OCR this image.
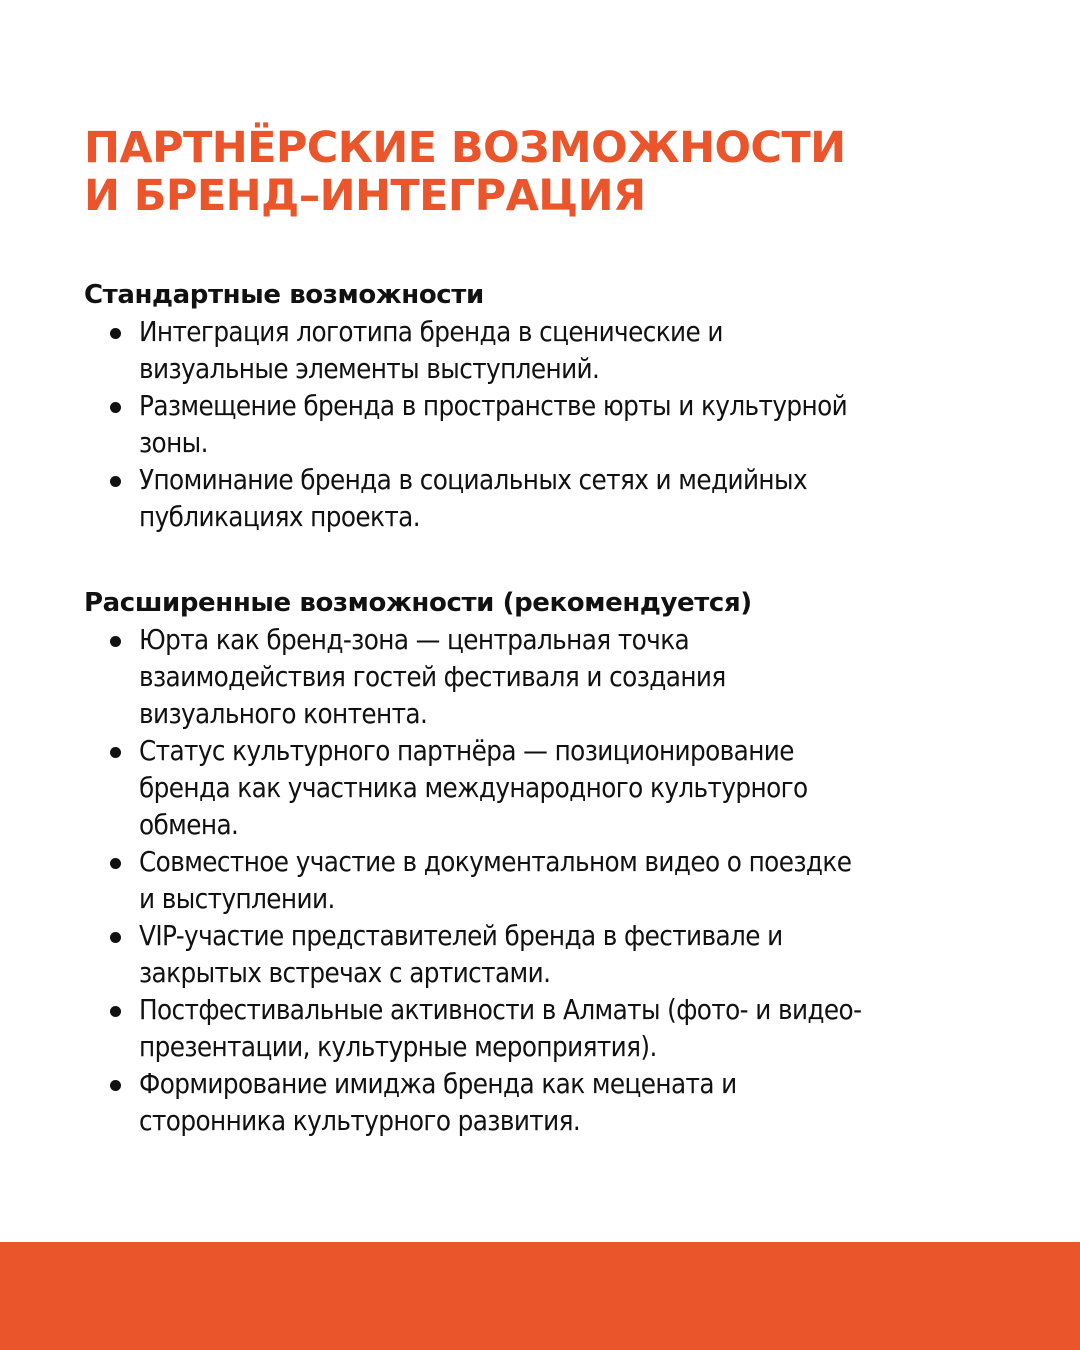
ПАРТНЁРСКИЕ ВОЗМОЖНОСТИ
И БРЕНД–ИНТЕГРАЦИЯ
Стандартные возможности
Интеграция логотипа бренда в сценические и
визуальные элементы выступлений.
Размещение бренда в пространстве юрты и культурной
зоны.
Упоминание бренда в социальных сетях и медийных
публикациях проекта.
Расширенные возможности (рекомендуется)
Юрта как бренд-зона — центральная точка
взаимодействия гостей фестиваля и создания
визуального контента.
Статус культурного партнёра — позиционирование
бренда как участника международного культурного
обмена.
Совместное участие в документальном видео о поездке
и выступлении.
VIP-участие представителей бренда в фестивале и
закрытых встречах с артистами.
Постфестивальные активности в Алматы (фото- и видео-
презентации, культурные мероприятия).
Формирование имиджа бренда как мецената и
сторонника культурного развития.
